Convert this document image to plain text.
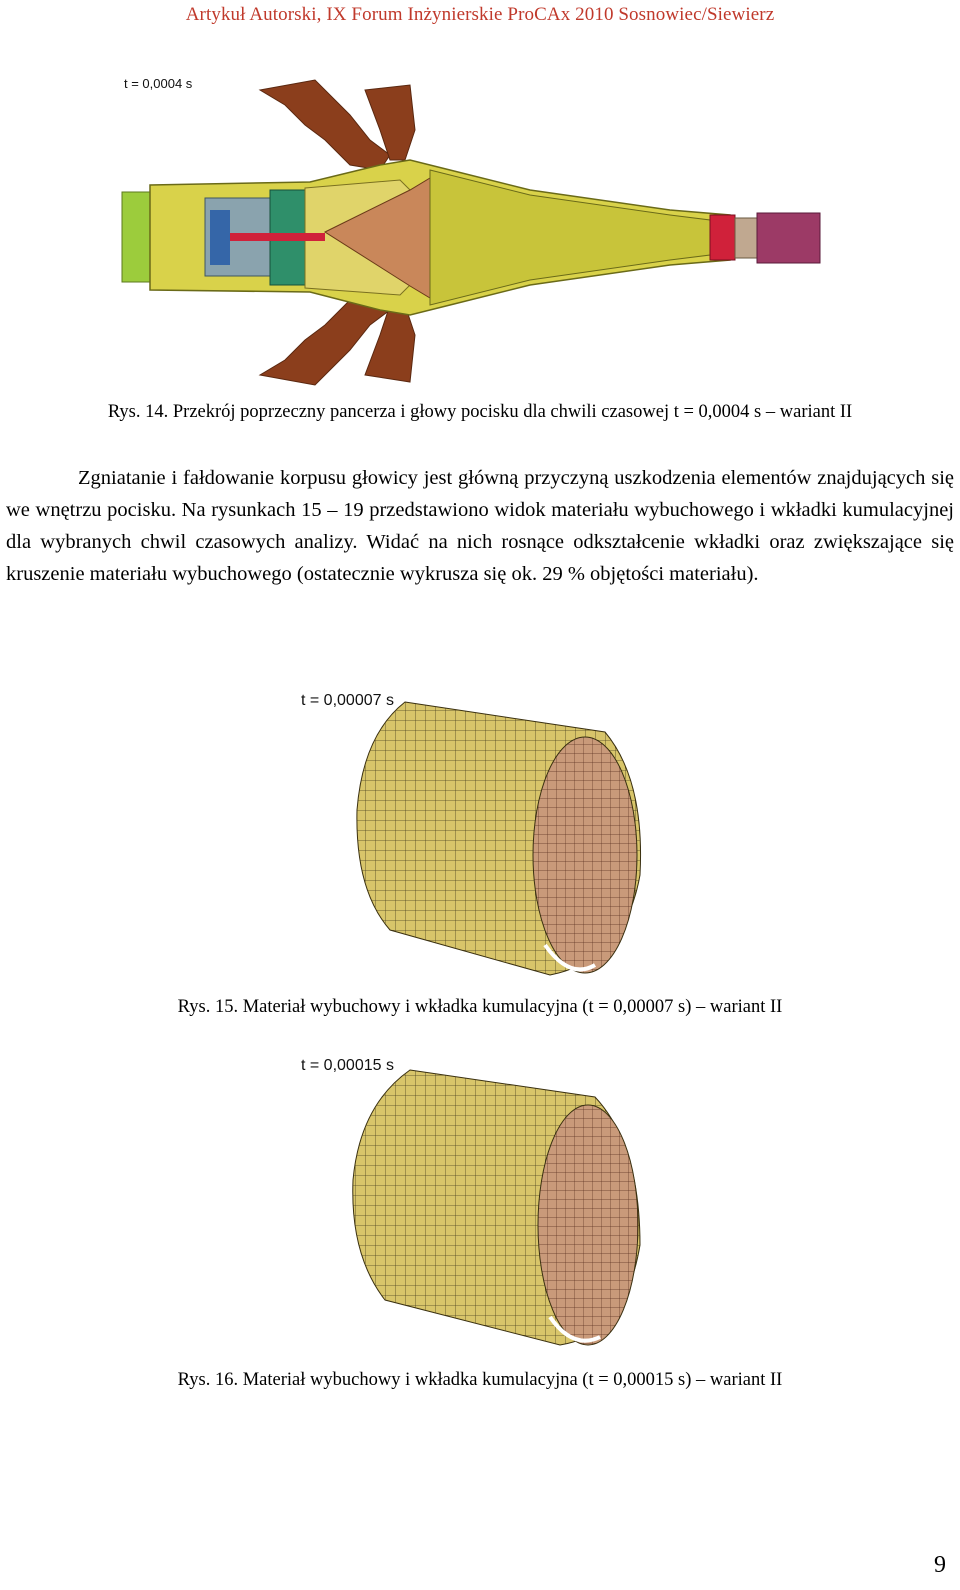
Artykuł Autorski, IX Forum Inżynierskie ProCAx 2010 Sosnowiec/Siewierz
t = 0,0004 s
Rys. 14. Przekrój poprzeczny pancerza i głowy pocisku dla chwili czasowej t = 0,0004 s – wariant II

Zgniatanie i fałdowanie korpusu głowicy jest główną przyczyną uszkodzenia elementów znajdujących się we wnętrzu pocisku. Na rysunkach 15 – 19 przedstawiono widok materiału wybuchowego i wkładki kumulacyjnej dla wybranych chwil czasowych analizy. Widać na nich rosnące odkształcenie wkładki oraz zwiększające się kruszenie materiału wybuchowego (ostatecznie wykrusza się ok. 29 % objętości materiału).

t = 0,00007 s
Rys. 15. Materiał wybuchowy i wkładka kumulacyjna (t = 0,00007 s) – wariant II
t = 0,00015 s
Rys. 16. Materiał wybuchowy i wkładka kumulacyjna (t = 0,00015 s) – wariant II
9
